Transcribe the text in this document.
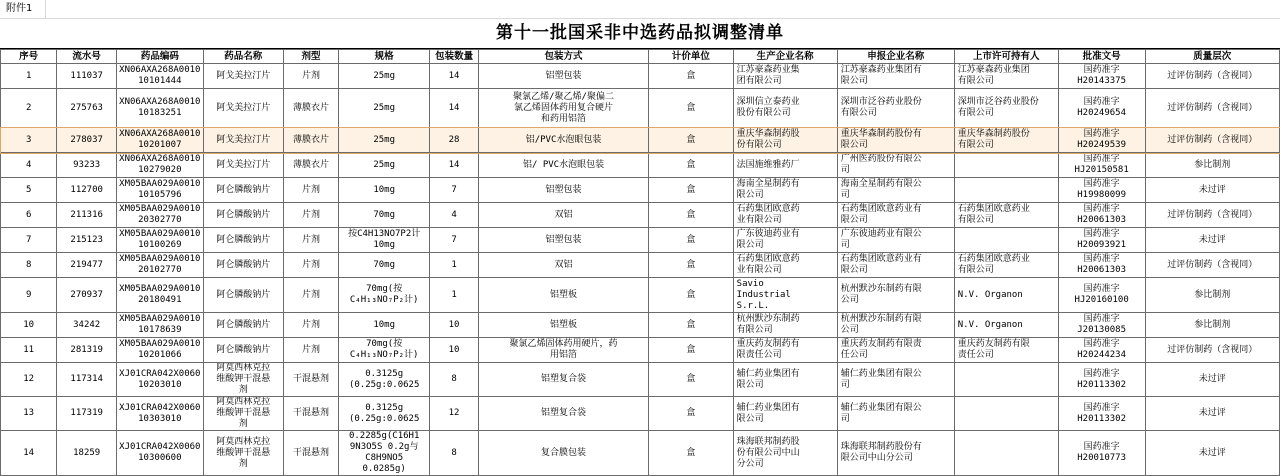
附件1
第十一批国采非中选药品拟调整清单
序号	流水号	药品编码	药品名称	剂型	规格	包装数量	包装方式	计价单位	生产企业名称	申报企业名称	上市许可持有人	批准文号	质量层次
1	111037	XN06AXA268A0010
10101444	阿戈美拉汀片	片剂	25mg	14	铝塑包装	盒	江苏豪森药业集
团有限公司	江苏豪森药业集团有
限公司	江苏豪森药业集团
有限公司	国药准字
H20143375	过评仿制药（含视同）
2	275763	XN06AXA268A0010
10183251	阿戈美拉汀片	薄膜衣片	25mg	14	聚氯乙烯/聚乙烯/聚偏二
氯乙烯固体药用复合硬片
和药用铝箔	盒	深圳信立泰药业
股份有限公司	深圳市泛谷药业股份
有限公司	深圳市泛谷药业股份
有限公司	国药准字
H20249654	过评仿制药（含视同）
3	278037	XN06AXA268A0010
10201007	阿戈美拉汀片	薄膜衣片	25mg	28	铝/PVC水泡眼包装	盒	重庆华森制药股
份有限公司	重庆华森制药股份有
限公司	重庆华森制药股份
有限公司	国药准字
H20249539	过评仿制药（含视同）
4	93233	XN06AXA268A0010
10279020	阿戈美拉汀片	薄膜衣片	25mg	14	铝/ PVC水泡眼包装	盒	法国施维雅药厂	广州医药股份有限公
司		国药准字
HJ20150581	参比制剂
5	112700	XM05BAA029A0010
10105796	阿仑膦酸钠片	片剂	10mg	7	铝塑包装	盒	海南全星制药有
限公司	海南全星制药有限公
司		国药准字
H19980099	未过评
6	211316	XM05BAA029A0010
20302770	阿仑膦酸钠片	片剂	70mg	4	双铝	盒	石药集团欧意药
业有限公司	石药集团欧意药业有
限公司	石药集团欧意药业
有限公司	国药准字
H20061303	过评仿制药（含视同）
7	215123	XM05BAA029A0010
10100269	阿仑膦酸钠片	片剂	按C4H13NO7P2计
10mg	7	铝塑包装	盒	广东彼迪药业有
限公司	广东彼迪药业有限公
司		国药准字
H20093921	未过评
8	219477	XM05BAA029A0010
20102770	阿仑膦酸钠片	片剂	70mg	1	双铝	盒	石药集团欧意药
业有限公司	石药集团欧意药业有
限公司	石药集团欧意药业
有限公司	国药准字
H20061303	过评仿制药（含视同）
9	270937	XM05BAA029A0010
20180491	阿仑膦酸钠片	片剂	70mg(按
C₄H₁₃NO₇P₂计)	1	铝塑板	盒	Savio
Industrial
S.r.L.	杭州默沙东制药有限
公司	N.V. Organon	国药准字
HJ20160100	参比制剂
10	34242	XM05BAA029A0010
10178639	阿仑膦酸钠片	片剂	10mg	10	铝塑板	盒	杭州默沙东制药
有限公司	杭州默沙东制药有限
公司	N.V. Organon	国药准字
J20130085	参比制剂
11	281319	XM05BAA029A0010
10201066	阿仑膦酸钠片	片剂	70mg(按
C₄H₁₃NO₇P₂计)	10	聚氯乙烯固体药用硬片，药
用铝箔	盒	重庆药友制药有
限责任公司	重庆药友制药有限责
任公司	重庆药友制药有限
责任公司	国药准字
H20244234	过评仿制药（含视同）
12	117314	XJ01CRA042X0060
10203010	阿莫西林克拉
维酸钾干混悬
剂	干混悬剂	0.3125g
(0.25g:0.0625	8	铝塑复合袋	盒	辅仁药业集团有
限公司	辅仁药业集团有限公
司		国药准字
H20113302	未过评
13	117319	XJ01CRA042X0060
10303010	阿莫西林克拉
维酸钾干混悬
剂	干混悬剂	0.3125g
(0.25g:0.0625	12	铝塑复合袋	盒	辅仁药业集团有
限公司	辅仁药业集团有限公
司		国药准字
H20113302	未过评
14	18259	XJ01CRA042X0060
10300600	阿莫西林克拉
维酸钾干混悬
剂	干混悬剂	0.2285g(C16H1
9N3O5S 0.2g与
C8H9NO5
0.0285g)	8	复合膜包装	盒	珠海联邦制药股
份有限公司中山
分公司	珠海联邦制药股份有
限公司中山分公司		国药准字
H20010773	未过评
